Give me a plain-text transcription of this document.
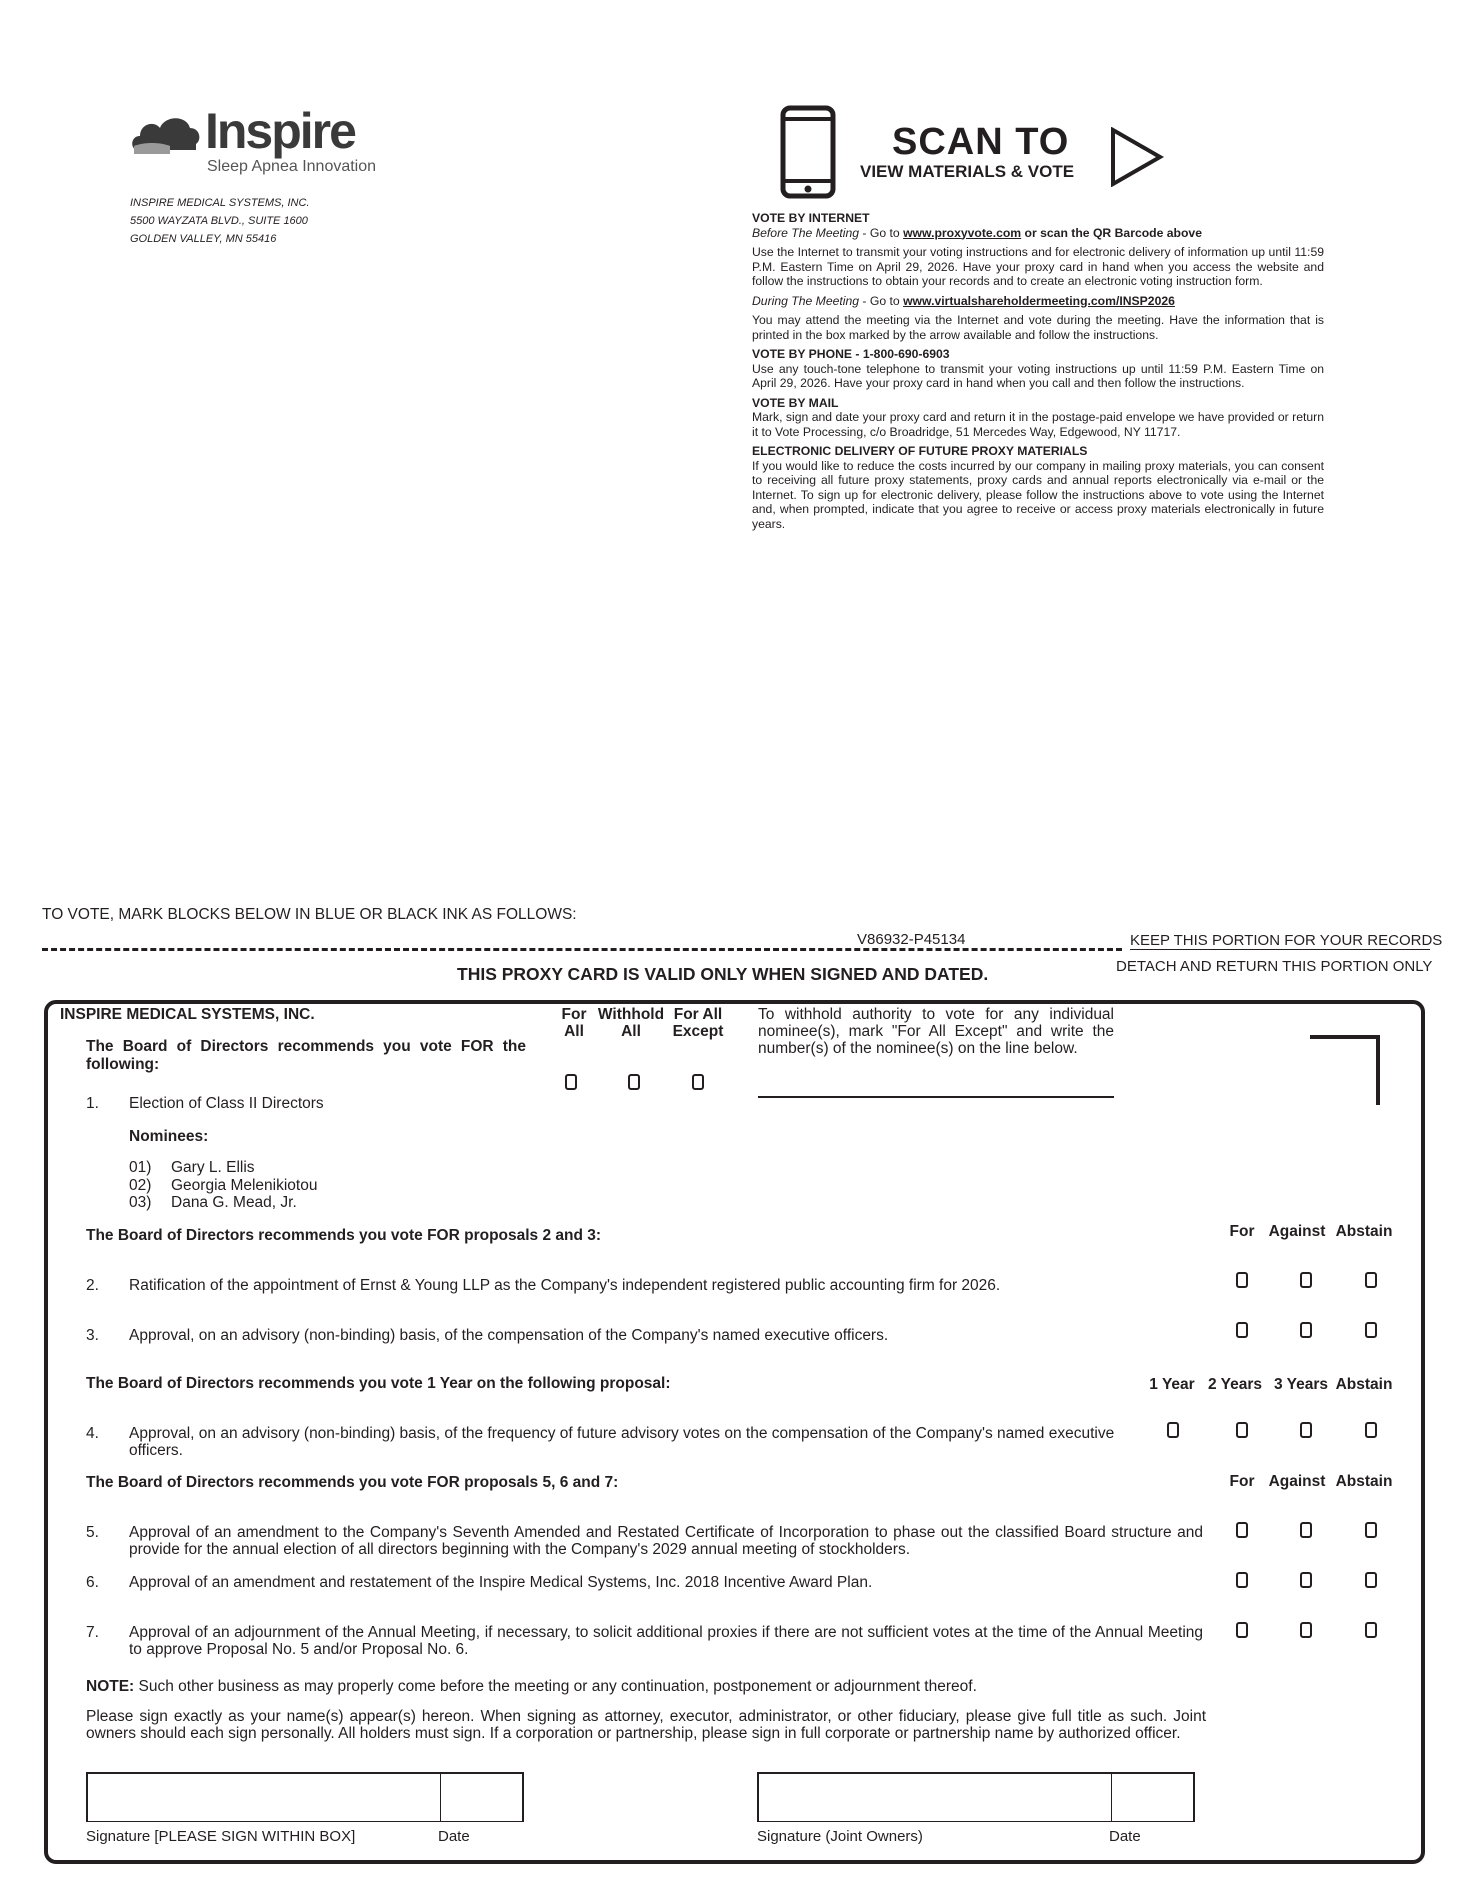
Inspire
Sleep Apnea Innovation
INSPIRE MEDICAL SYSTEMS, INC.
5500 WAYZATA BLVD., SUITE 1600
GOLDEN VALLEY, MN 55416
SCAN TO
VIEW MATERIALS & VOTE

VOTE BY INTERNET

Before The Meeting - Go to www.proxyvote.com or scan the QR Barcode above

Use the Internet to transmit your voting instructions and for electronic delivery of information up until 11:59 P.M. Eastern Time on April 29, 2026. Have your proxy card in hand when you access the website and follow the instructions to obtain your records and to create an electronic voting instruction form.

During The Meeting - Go to www.virtualshareholdermeeting.com/INSP2026

You may attend the meeting via the Internet and vote during the meeting. Have the information that is printed in the box marked by the arrow available and follow the instructions.

VOTE BY PHONE - 1-800-690-6903

Use any touch-tone telephone to transmit your voting instructions up until 11:59 P.M. Eastern Time on April 29, 2026. Have your proxy card in hand when you call and then follow the instructions.

VOTE BY MAIL

Mark, sign and date your proxy card and return it in the postage-paid envelope we have provided or return it to Vote Processing, c/o Broadridge, 51 Mercedes Way, Edgewood, NY 11717.

ELECTRONIC DELIVERY OF FUTURE PROXY MATERIALS

If you would like to reduce the costs incurred by our company in mailing proxy materials, you can consent to receiving all future proxy statements, proxy cards and annual reports electronically via e-mail or the Internet. To sign up for electronic delivery, please follow the instructions above to vote using the Internet and, when prompted, indicate that you agree to receive or access proxy materials electronically in future years.

TO VOTE, MARK BLOCKS BELOW IN BLUE OR BLACK INK AS FOLLOWS:
V86932-P45134	KEEP THIS PORTION FOR YOUR RECORDS
DETACH AND RETURN THIS PORTION ONLY
THIS PROXY CARD IS VALID ONLY WHEN SIGNED AND DATED.
INSPIRE MEDICAL SYSTEMS, INC.
The Board of Directors recommends you vote FOR the following:
For All
Withhold All
For All Except
To withhold authority to vote for any individual nominee(s), mark "For All Except" and write the number(s) of the nominee(s) on the line below.
1. Election of Class II Directors
Nominees:
01) Gary L. Ellis
02) Georgia Melenikiotou
03) Dana G. Mead, Jr.
The Board of Directors recommends you vote FOR proposals 2 and 3:	For Against Abstain
2. Ratification of the appointment of Ernst & Young LLP as the Company's independent registered public accounting firm for 2026.
3. Approval, on an advisory (non-binding) basis, of the compensation of the Company's named executive officers.
The Board of Directors recommends you vote 1 Year on the following proposal:	1 Year 2 Years 3 Years Abstain
4. Approval, on an advisory (non-binding) basis, of the frequency of future advisory votes on the compensation of the Company's named executive officers.
The Board of Directors recommends you vote FOR proposals 5, 6 and 7:	For Against Abstain
5. Approval of an amendment to the Company's Seventh Amended and Restated Certificate of Incorporation to phase out the classified Board structure and provide for the annual election of all directors beginning with the Company's 2029 annual meeting of stockholders.
6. Approval of an amendment and restatement of the Inspire Medical Systems, Inc. 2018 Incentive Award Plan.
7. Approval of an adjournment of the Annual Meeting, if necessary, to solicit additional proxies if there are not sufficient votes at the time of the Annual Meeting to approve Proposal No. 5 and/or Proposal No. 6.
NOTE: Such other business as may properly come before the meeting or any continuation, postponement or adjournment thereof.
Please sign exactly as your name(s) appear(s) hereon. When signing as attorney, executor, administrator, or other fiduciary, please give full title as such. Joint owners should each sign personally. All holders must sign. If a corporation or partnership, please sign in full corporate or partnership name by authorized officer.
Signature [PLEASE SIGN WITHIN BOX]	Date	Signature (Joint Owners)	Date
